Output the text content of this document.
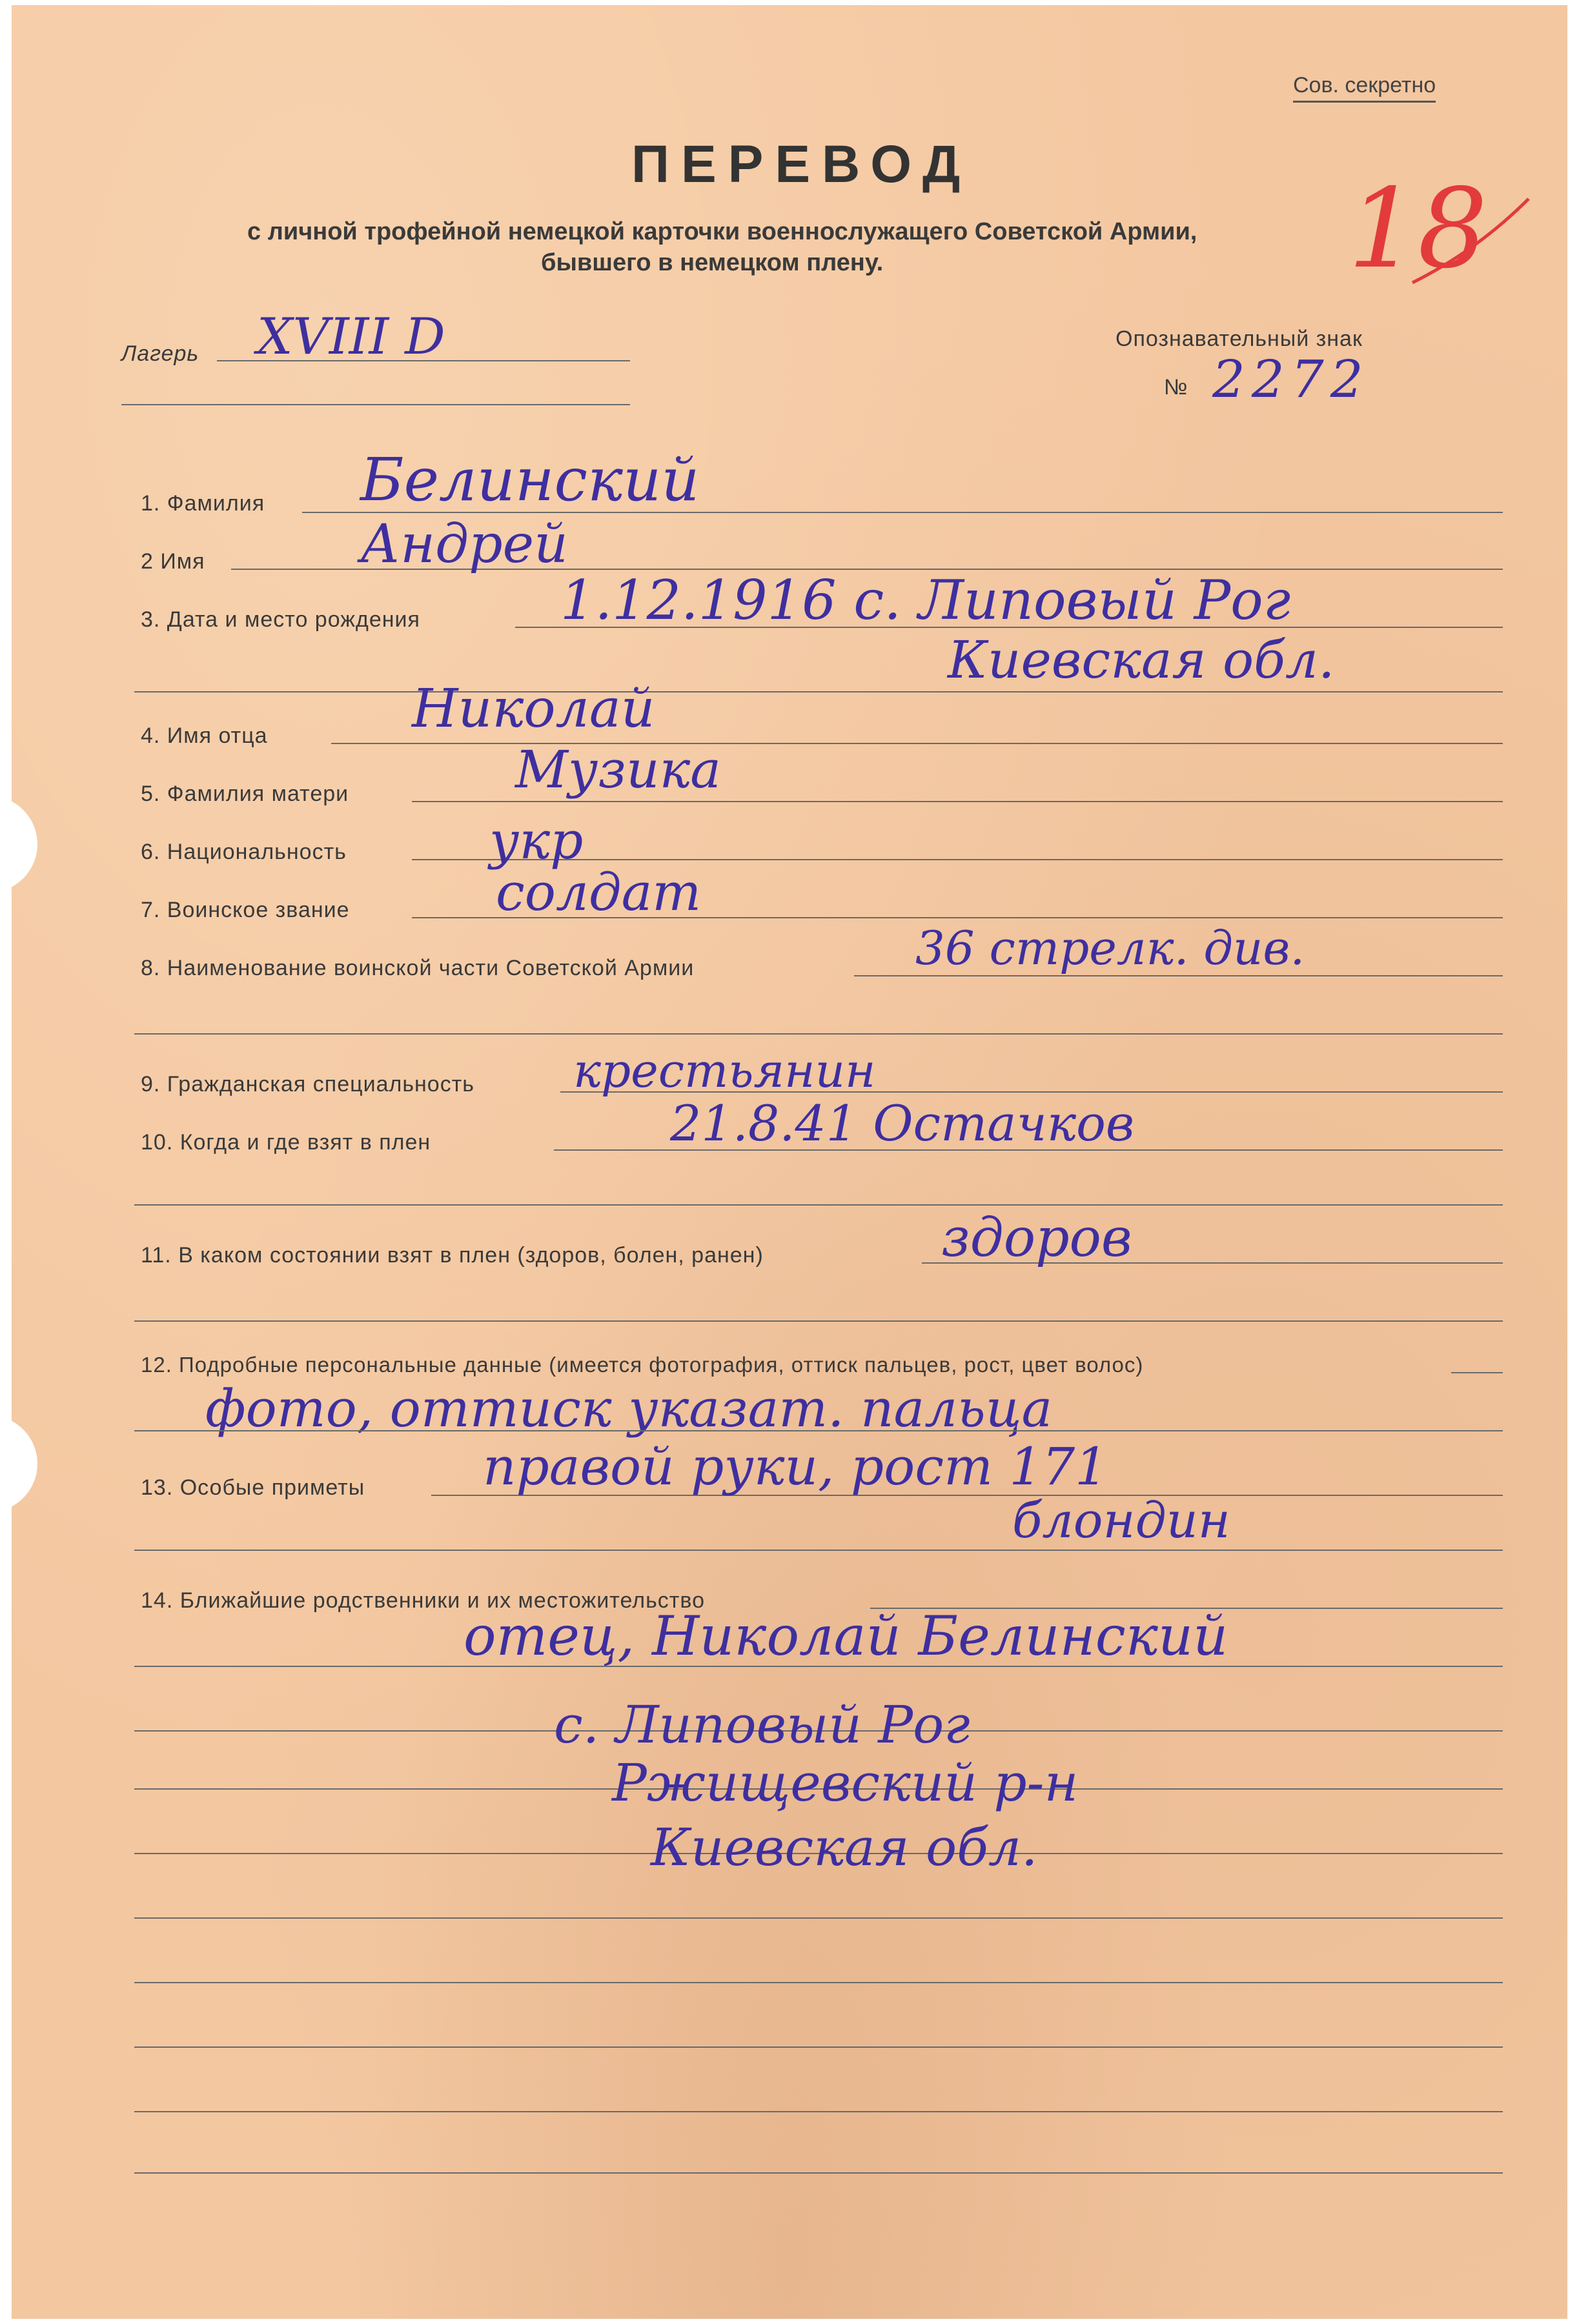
Сов. секретно
ПЕРЕВОД
с личной трофейной немецкой карточки военнослужащего Советской Армии,
бывшего в немецком плену.	18
Лагерь XVIII D	Опознавательный знак
№ 2272
1. Фамилия Белинский
2 Имя	Андрей
3. Дата и место рождения	1.12.1916 с. Липовый Рог
Киевская обл.
4. Имя отца	Николай
5. Фамилия матери	Музика
6. Национальность	укр
7. Воинское звание	солдат
8. Наименование воинской части Советской Армии	36 стрелк. див.
9. Гражданская специальность крестьянин
10. Когда и где взят в плен	21.8.41 Остачков
11. В каком состоянии взят в плен (здоров, болен, ранен)	здоров
12. Подробные персональные данные (имеется фотография, оттиск пальцев, рост, цвет волос)
фото, оттиск указат. пальца
13. Особые приметы правой руки, рост 171
блондин
14. Ближайшие родственники и их местожительство
отец, Николай Белинский
с. Липовый Рог
Ржищевский р-н
Киевская обл.
